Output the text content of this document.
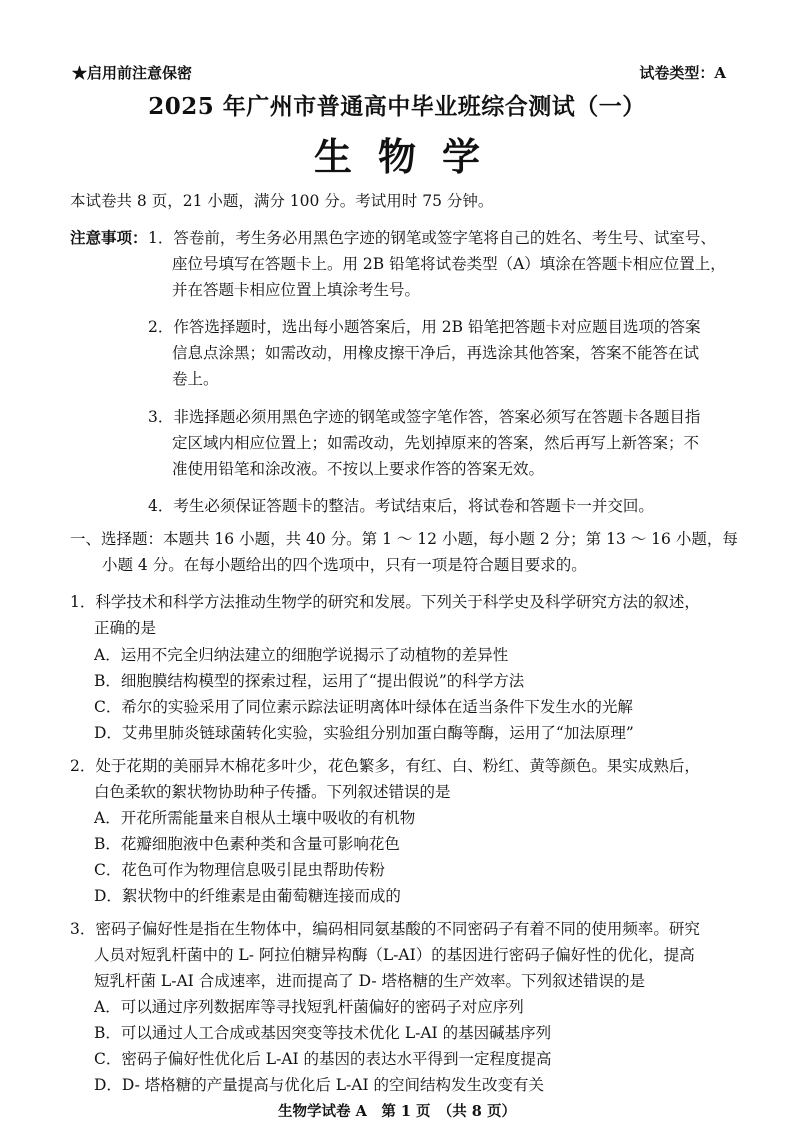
★启用前注意保密	试卷类型：A
2025 年广州市普通高中毕业班综合测试（一）
生物学
本试卷共 8 页，21 小题，满分 100 分。考试用时 75 分钟。
注意事项： 1．答卷前，考生务必用黑色字迹的钢笔或签字笔将自己的姓名、考生号、试室号、
座位号填写在答题卡上。用 2B 铅笔将试卷类型（A）填涂在答题卡相应位置上，
并在答题卡相应位置上填涂考生号。
2．作答选择题时，选出每小题答案后，用 2B 铅笔把答题卡对应题目选项的答案
信息点涂黑；如需改动，用橡皮擦干净后，再选涂其他答案，答案不能答在试
卷上。
3．非选择题必须用黑色字迹的钢笔或签字笔作答，答案必须写在答题卡各题目指
定区域内相应位置上；如需改动，先划掉原来的答案，然后再写上新答案；不
准使用铅笔和涂改液。不按以上要求作答的答案无效。
4．考生必须保证答题卡的整洁。考试结束后，将试卷和答题卡一并交回。
一、选择题：本题共 16 小题，共 40 分。第 1 ～ 12 小题，每小题 2 分；第 13 ～ 16 小题，每
小题 4 分。在每小题给出的四个选项中，只有一项是符合题目要求的。
1．科学技术和科学方法推动生物学的研究和发展。下列关于科学史及科学研究方法的叙述，
正确的是
A．运用不完全归纳法建立的细胞学说揭示了动植物的差异性
B．细胞膜结构模型的探索过程，运用了“提出假说”的科学方法
C．希尔的实验采用了同位素示踪法证明离体叶绿体在适当条件下发生水的光解
D．艾弗里肺炎链球菌转化实验，实验组分别加蛋白酶等酶，运用了“加法原理”
2．处于花期的美丽异木棉花多叶少，花色繁多，有红、白、粉红、黄等颜色。果实成熟后，
白色柔软的絮状物协助种子传播。下列叙述错误的是
A．开花所需能量来自根从土壤中吸收的有机物
B．花瓣细胞液中色素种类和含量可影响花色
C．花色可作为物理信息吸引昆虫帮助传粉
D．絮状物中的纤维素是由葡萄糖连接而成的
3．密码子偏好性是指在生物体中，编码相同氨基酸的不同密码子有着不同的使用频率。研究
人员对短乳杆菌中的 L- 阿拉伯糖异构酶（L-AI）的基因进行密码子偏好性的优化，提高
短乳杆菌 L-AI 合成速率，进而提高了 D- 塔格糖的生产效率。下列叙述错误的是
A．可以通过序列数据库等寻找短乳杆菌偏好的密码子对应序列
B．可以通过人工合成或基因突变等技术优化 L-AI 的基因碱基序列
C．密码子偏好性优化后 L-AI 的基因的表达水平得到一定程度提高
D．D- 塔格糖的产量提高与优化后 L-AI 的空间结构发生改变有关
生物学试卷 A　第 1 页　（共 8 页）
